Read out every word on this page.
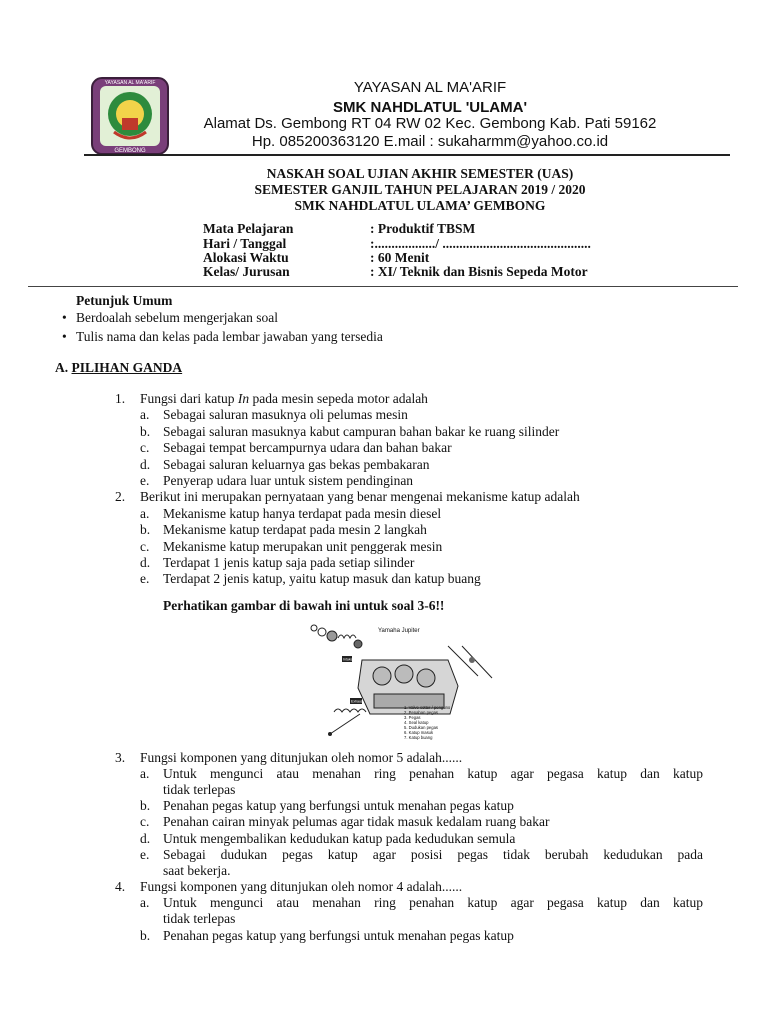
YAYASAN AL MA'ARIF
GEMBONG
YAYASAN AL MA'ARIF
SMK NAHDLATUL 'ULAMA'
Alamat Ds. Gembong RT 04 RW 02 Kec. Gembong Kab. Pati 59162
Hp. 085200363120 E.mail : sukaharmm@yahoo.co.id
NASKAH SOAL UJIAN AKHIR SEMESTER (UAS)
SEMESTER GANJIL TAHUN PELAJARAN 2019 / 2020
SMK NAHDLATUL ULAMA’ GEMBONG
Mata Pelajaran	: Produktif TBSM
Hari / Tanggal	:................../ ............................................
Alokasi Waktu	: 60 Menit
Kelas/ Jurusan	: XI/ Teknik dan Bisnis Sepeda Motor
Petunjuk Umum
• Berdoalah sebelum mengerjakan soal
• Tulis nama dan kelas pada lembar jawaban yang tersedia
A. PILIHAN GANDA
1. Fungsi dari katup In pada mesin sepeda motor adalah
a. Sebagai saluran masuknya oli pelumas mesin
b. Sebagai saluran masuknya kabut campuran bahan bakar ke ruang silinder
c. Sebagai tempat bercampurnya udara dan bahan bakar
d. Sebagai saluran keluarnya gas bekas pembakaran
e. Penyerap udara luar untuk sistem pendinginan
2. Berikut ini merupakan pernyataan yang benar mengenai mekanisme katup adalah
a. Mekanisme katup hanya terdapat pada mesin diesel
b. Mekanisme katup terdapat pada mesin 2 langkah
c. Mekanisme katup merupakan unit penggerak mesin
d. Terdapat 1 jenis katup saja pada setiap silinder
e. Terdapat 2 jenis katup, yaitu katup masuk dan katup buang
Perhatikan gambar di bawah ini untuk soal 3-6!!
Yamaha Jupiter
Intake
Exhaust
1. Valve cotter / penguno 2. Penahan pegas 3. Pegas 4. Seal katup 5. Dudukan pegas 6. Katup masuk 7. Katup buang
3. Fungsi komponen yang ditunjukan oleh nomor 5 adalah......
a. Untuk mengunci atau menahan ring penahan katup agar pegasa katup dan katup
tidak terlepas
b. Penahan pegas katup yang berfungsi untuk menahan pegas katup
c. Penahan cairan minyak pelumas agar tidak masuk kedalam ruang bakar
d. Untuk mengembalikan kedudukan katup pada kedudukan semula
e. Sebagai dudukan pegas katup agar posisi pegas tidak berubah kedudukan pada
saat bekerja.
4. Fungsi komponen yang ditunjukan oleh nomor 4 adalah......
a. Untuk mengunci atau menahan ring penahan katup agar pegasa katup dan katup
tidak terlepas
b. Penahan pegas katup yang berfungsi untuk menahan pegas katup
